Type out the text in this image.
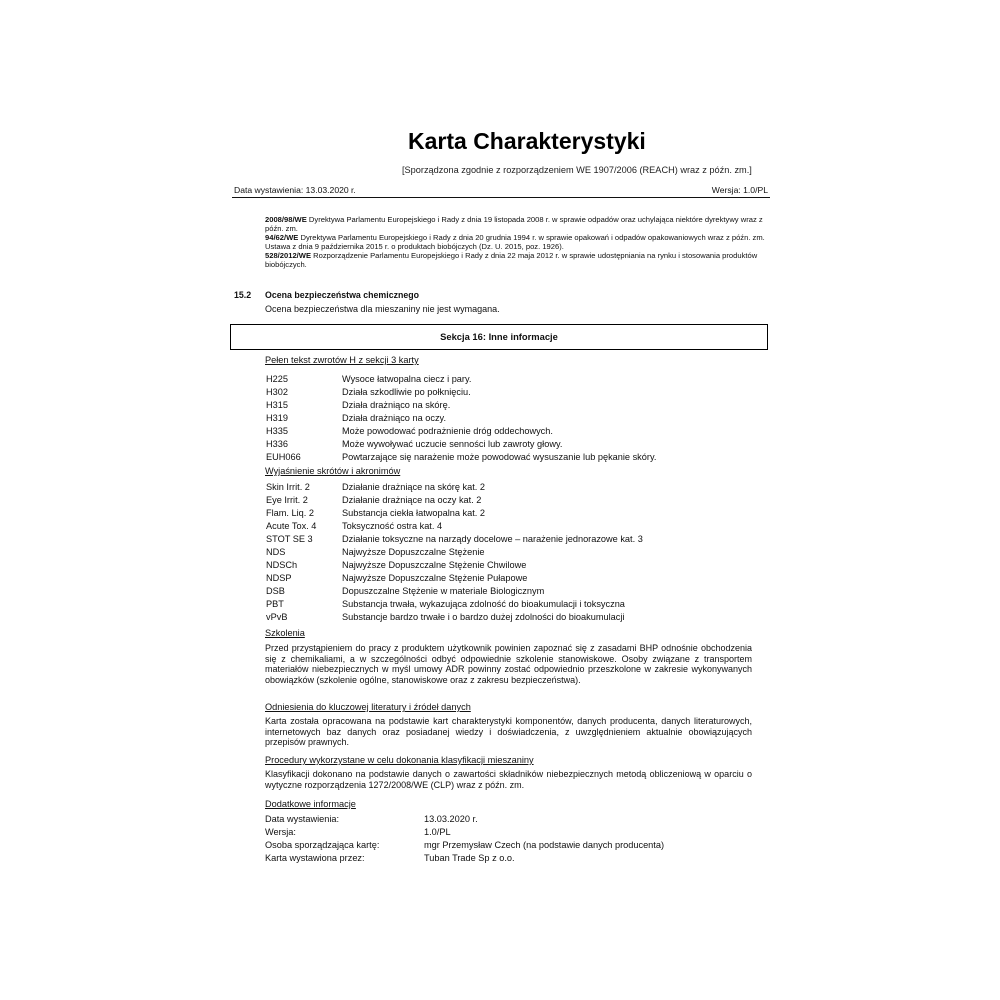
Karta Charakterystyki
[Sporządzona zgodnie z rozporządzeniem WE 1907/2006 (REACH) wraz z późn. zm.]
Data wystawienia: 13.03.2020 r.	Wersja: 1.0/PL

2008/98/WE Dyrektywa Parlamentu Europejskiego i Rady z dnia 19 listopada 2008 r. w sprawie odpadów oraz uchylająca niektóre dyrektywy wraz z późn. zm.

94/62/WE Dyrektywa Parlamentu Europejskiego i Rady z dnia 20 grudnia 1994 r. w sprawie opakowań i odpadów opakowaniowych wraz z późn. zm.

Ustawa z dnia 9 października 2015 r. o produktach biobójczych (Dz. U. 2015, poz. 1926).

528/2012/WE Rozporządzenie Parlamentu Europejskiego i Rady z dnia 22 maja 2012 r. w sprawie udostępniania na rynku i stosowania produktów biobójczych.

15.2 Ocena bezpieczeństwa chemicznego
Ocena bezpieczeństwa dla mieszaniny nie jest wymagana.
Sekcja 16: Inne informacje
Pełen tekst zwrotów H z sekcji 3 karty
H225	Wysoce łatwopalna ciecz i pary.
H302	Działa szkodliwie po połknięciu.
H315	Działa drażniąco na skórę.
H319	Działa drażniąco na oczy.
H335	Może powodować podrażnienie dróg oddechowych.
H336	Może wywoływać uczucie senności lub zawroty głowy.
EUH066	Powtarzające się narażenie może powodować wysuszanie lub pękanie skóry.
Wyjaśnienie skrótów i akronimów
Skin Irrit. 2	Działanie drażniące na skórę kat. 2
Eye Irrit. 2	Działanie drażniące na oczy kat. 2
Flam. Liq. 2	Substancja ciekła łatwopalna kat. 2
Acute Tox. 4	Toksyczność ostra kat. 4
STOT SE 3	Działanie toksyczne na narządy docelowe – narażenie jednorazowe kat. 3
NDS	Najwyższe Dopuszczalne Stężenie
NDSCh	Najwyższe Dopuszczalne Stężenie Chwilowe
NDSP	Najwyższe Dopuszczalne Stężenie Pułapowe
DSB	Dopuszczalne Stężenie w materiale Biologicznym
PBT	Substancja trwała, wykazująca zdolność do bioakumulacji i toksyczna
vPvB	Substancje bardzo trwałe i o bardzo dużej zdolności do bioakumulacji
Szkolenia

Przed przystąpieniem do pracy z produktem użytkownik powinien zapoznać się z zasadami BHP odnośnie obchodzenia się z chemikaliami, a w szczególności odbyć odpowiednie szkolenie stanowiskowe. Osoby związane z transportem materiałów niebezpiecznych w myśl umowy ADR powinny zostać odpowiednio przeszkolone w zakresie wykonywanych obowiązków (szkolenie ogólne, stanowiskowe oraz z zakresu bezpieczeństwa).

Odniesienia do kluczowej literatury i źródeł danych

Karta została opracowana na podstawie kart charakterystyki komponentów, danych producenta, danych literaturowych, internetowych baz danych oraz posiadanej wiedzy i doświadczenia, z uwzględnieniem aktualnie obowiązujących przepisów prawnych.

Procedury wykorzystane w celu dokonania klasyfikacji mieszaniny

Klasyfikacji dokonano na podstawie danych o zawartości składników niebezpiecznych metodą obliczeniową w oparciu o wytyczne rozporządzenia 1272/2008/WE (CLP) wraz z późn. zm.

Dodatkowe informacje
Data wystawienia:	13.03.2020 r.
Wersja:	1.0/PL
Osoba sporządzająca kartę:	mgr Przemysław Czech (na podstawie danych producenta)
Karta wystawiona przez:	Tuban Trade Sp z o.o.
